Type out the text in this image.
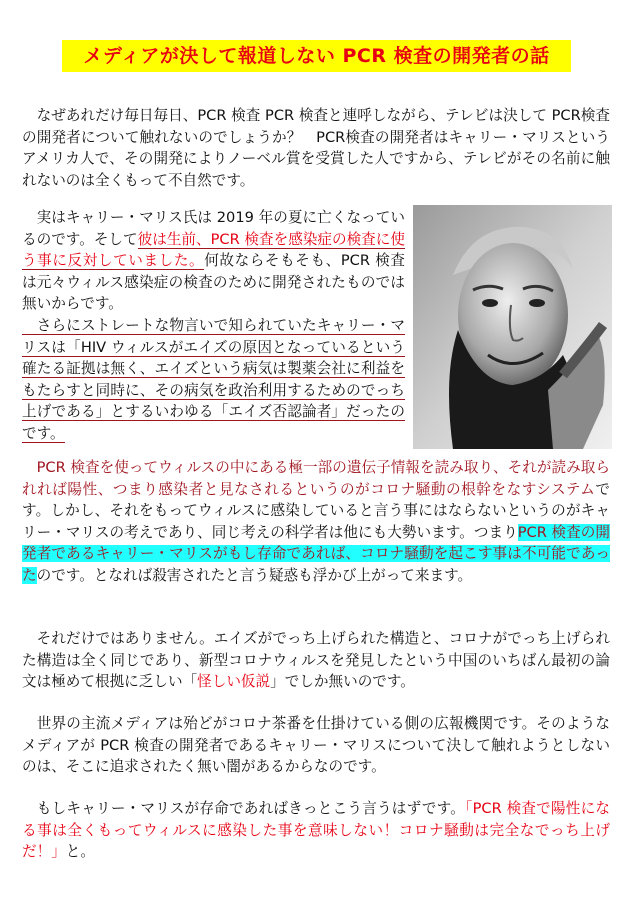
メディアが決して報道しない PCR 検査の開発者の話

　なぜあれだけ毎日毎日、PCR 検査 PCR 検査と連呼しながら、テレビは決して PCR検査の開発者について触れないのでしょうか？　PCR検査の開発者はキャリー・マリスというアメリカ人で、その開発によりノーベル賞を受賞した人ですから、テレビがその名前に触れないのは全くもって不自然です。

　実はキャリー・マリス氏は 2019 年の夏に亡くなっているのです。そして彼は生前、PCR 検査を感染症の検査に使う事に反対していました。何故ならそもそも、PCR 検査は元々ウィルス感染症の検査のために開発されたものでは無いからです。
　さらにストレートな物言いで知られていたキャリー・マリスは「HIV ウィルスがエイズの原因となっているという確たる証拠は無く、エイズという病気は製薬会社に利益をもたらすと同時に、その病気を政治利用するためのでっち上げである」とするいわゆる「エイズ否認論者」だったのです。

　PCR 検査を使ってウィルスの中にある極一部の遺伝子情報を読み取り、それが読み取られれば陽性、つまり感染者と見なされるというのがコロナ騒動の根幹をなすシステムです。しかし、それをもってウィルスに感染していると言う事にはならないというのがキャリー・マリスの考えであり、同じ考えの科学者は他にも大勢います。つまりPCR 検査の開発者であるキャリー・マリスがもし存命であれば、コロナ騒動を起こす事は不可能であったのです。となれば殺害されたと言う疑惑も浮かび上がって来ます。

　それだけではありません。エイズがでっち上げられた構造と、コロナがでっち上げられた構造は全く同じであり、新型コロナウィルスを発見したという中国のいちばん最初の論文は極めて根拠に乏しい「怪しい仮説」でしか無いのです。

　世界の主流メディアは殆どがコロナ茶番を仕掛けている側の広報機関です。そのようなメディアが PCR 検査の開発者であるキャリー・マリスについて決して触れようとしないのは、そこに追求されたく無い闇があるからなのです。

　もしキャリー・マリスが存命であればきっとこう言うはずです。「PCR 検査で陽性になる事は全くもってウィルスに感染した事を意味しない！コロナ騒動は完全なでっち上げだ！」と。
